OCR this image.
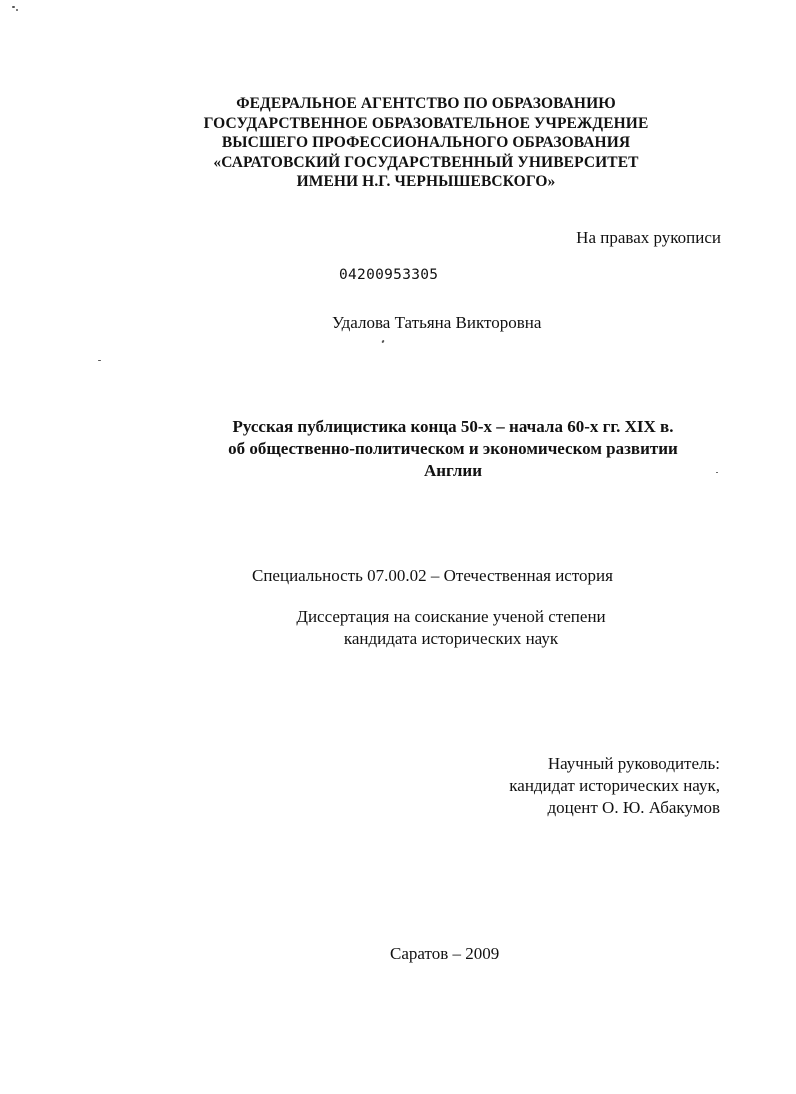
ФЕДЕРАЛЬНОЕ АГЕНТСТВО ПО ОБРАЗОВАНИЮ
ГОСУДАРСТВЕННОЕ ОБРАЗОВАТЕЛЬНОЕ УЧРЕЖДЕНИЕ
ВЫСШЕГО ПРОФЕССИОНАЛЬНОГО ОБРАЗОВАНИЯ
«САРАТОВСКИЙ ГОСУДАРСТВЕННЫЙ УНИВЕРСИТЕТ
ИМЕНИ Н.Г. ЧЕРНЫШЕВСКОГО»
На правах рукописи
04200953305
Удалова Татьяна Викторовна
Русская публицистика конца 50-х – начала 60-х гг. XIX в.
об общественно-политическом и экономическом развитии
Англии
Специальность 07.00.02 – Отечественная история
Диссертация на соискание ученой степени
кандидата исторических наук
Научный руководитель:
кандидат исторических наук,
доцент О. Ю. Абакумов
Саратов – 2009
